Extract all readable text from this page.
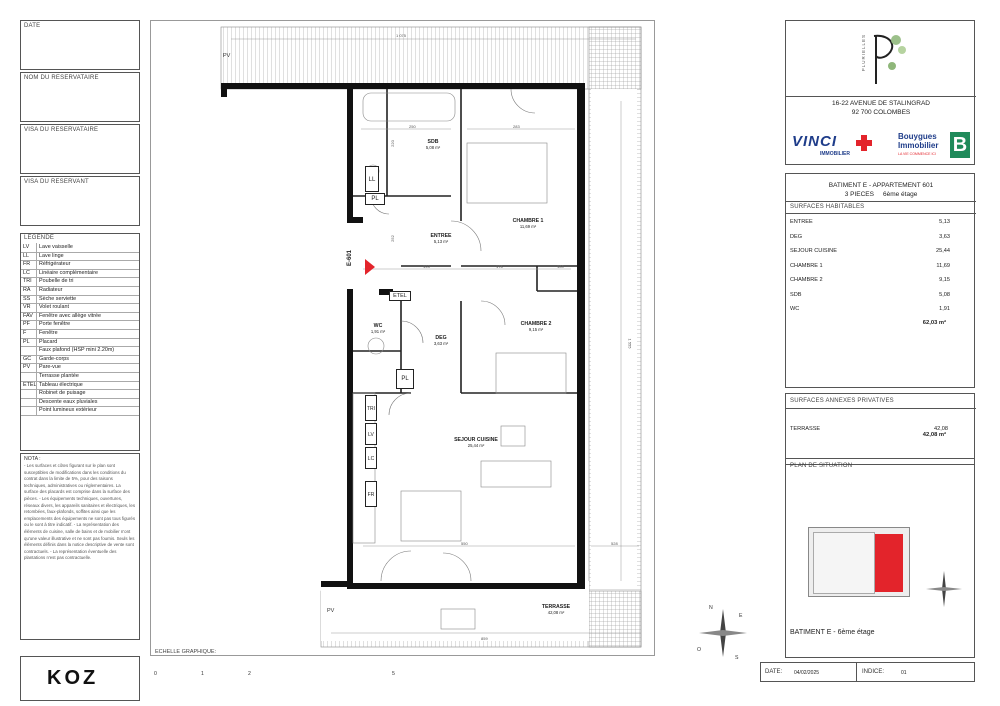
DATE
NOM DU RESERVATAIRE
VISA DU RESERVATAIRE
VISA DU RESERVANT
LEGENDE
LV	Lave vaisselle
LL	Lave linge
FR	Réfrigérateur
LC	Linéaire complémentaire
TRI	Poubelle de tri
RA	Radiateur
SS	Sèche serviette
VR	Volet roulant
FAV	Fenêtre avec allège vitrée
PF	Porte fenêtre
F	Fenêtre
PL	Placard
Faux plafond (HSP mini 2.20m)
GC	Garde-corps
PV	Pare-vue
Terrasse plantée
ETEL Tableau électrique
Robinet de puisage
Descente eaux pluviales
Point lumineux extérieur
NOTA :
- Les surfaces et côtes figurant sur le plan sont susceptibles de modifications dans les conditions du contrat dans la limite de 5%, pour des raisons techniques, administratives ou réglementaires. La surface des placards est comprise dans la surface des pièces. - Les équipements techniques, ouvertures, réseaux divers, les appareils sanitaires et électriques, les retombées, faux-plafonds, soffites ainsi que les emplacements des équipements ne sont pas tous figurés ou le sont à titre indicatif. - La représentation des éléments de cuisine, salle de bains et de mobilier n'ont qu'une valeur illustrative et ne sont pas fournis. Seuls les éléments définis dans la notice descriptive de vente sont contractuels. - La représentation éventuelle des plantations n'est pas contractuelle.
KOZ
SDB
5,08 m²
CHAMBRE 1
11,69 m²
ENTREE
5,13 m²
CHAMBRE 2
9,15 m²
WC
1,91 m²
DEG
3,63 m²
SEJOUR CUISINE
25,44 m²
TERRASSE
42,08 m²
LL
PL
ETEL
PL
TRI
LV
LC
FR
PV
PV
E-601
1 075
250	283
193	176	100
550	528
859
1 555
252
220
ECHELLE GRAPHIQUE:
0	1	2	5
N
E
S
O
PLURIELLES
16-22 AVENUE DE STALINGRAD
92 700 COLOMBES
VINCI
IMMOBILIER
Bouygues
Immobilier
LA VIE COMMENCE ICI B
BATIMENT E - APPARTEMENT 601
3 PIECES     6ème étage
SURFACES HABITABLES
ENTREE	5,13
DEG	3,63
SEJOUR CUISINE	25,44
CHAMBRE 1	11,69
CHAMBRE 2	9,15
SDB	5,08
WC	1,91
62,03 m²
SURFACES ANNEXES PRIVATIVES
TERRASSE	42,08
42,08 m²
PLAN DE SITUATION
BATIMENT E - 6ème étage
DATE: 04/02/2025	INDICE:	01
